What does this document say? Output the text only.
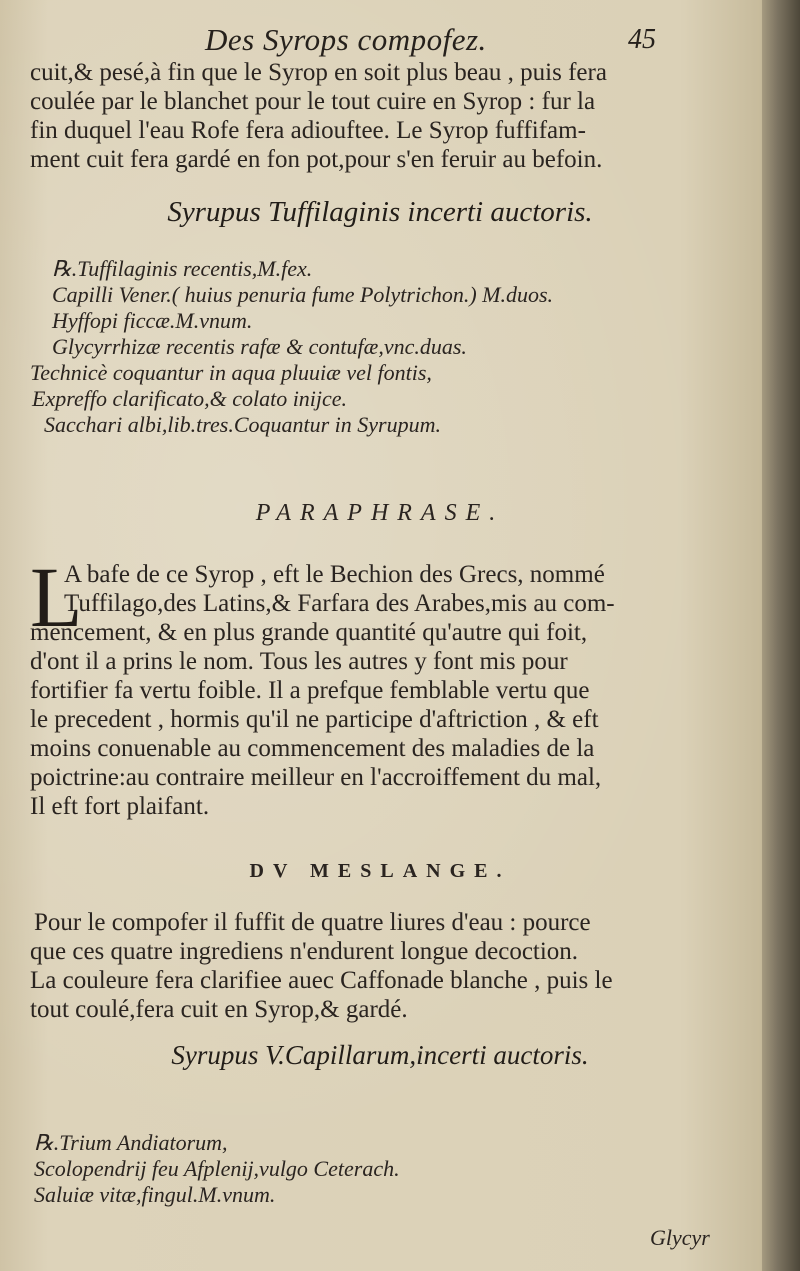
Des Syrops compofez.	45
cuit,& pesé,à fin que le Syrop en soit plus beau , puis fera
coulée par le blanchet pour le tout cuire en Syrop : fur la
fin duquel l'eau Rofe fera adiouftee. Le Syrop fuffifam-
ment cuit fera gardé en fon pot,pour s'en feruir au befoin.
Syrupus Tuffilaginis incerti auctoris.
℞.Tuffilaginis recentis,M.fex.
Capilli Vener.( huius penuria fume Polytrichon.) M.duos.
Hyffopi ficcæ.M.vnum.
Glycyrrhizæ recentis rafæ & contufæ,vnc.duas.
Technicè coquantur in aqua pluuiæ vel fontis,
Expreffo clarificato,& colato inijce.
Sacchari albi,lib.tres.Coquantur in Syrupum.
PARAPHRASE.
L
A bafe de ce Syrop , eft le Bechion des Grecs, nommé
Tuffilago,des Latins,& Farfara des Arabes,mis au com-
mencement, & en plus grande quantité qu'autre qui foit,
d'ont il a prins le nom. Tous les autres y font mis pour
fortifier fa vertu foible. Il a prefque femblable vertu que
le precedent , hormis qu'il ne participe d'aftriction , & eft
moins conuenable au commencement des maladies de la
poictrine:au contraire meilleur en l'accroiffement du mal,
Il eft fort plaifant.
DV MESLANGE.
Pour le compofer il fuffit de quatre liures d'eau : pource
que ces quatre ingrediens n'endurent longue decoction.
La couleure fera clarifiee auec Caffonade blanche , puis le
tout coulé,fera cuit en Syrop,& gardé.
Syrupus V.Capillarum,incerti auctoris.
℞.Trium Andiatorum,
Scolopendrij feu Afplenij,vulgo Ceterach.
Saluiæ vitæ,fingul.M.vnum.
Glycyr
